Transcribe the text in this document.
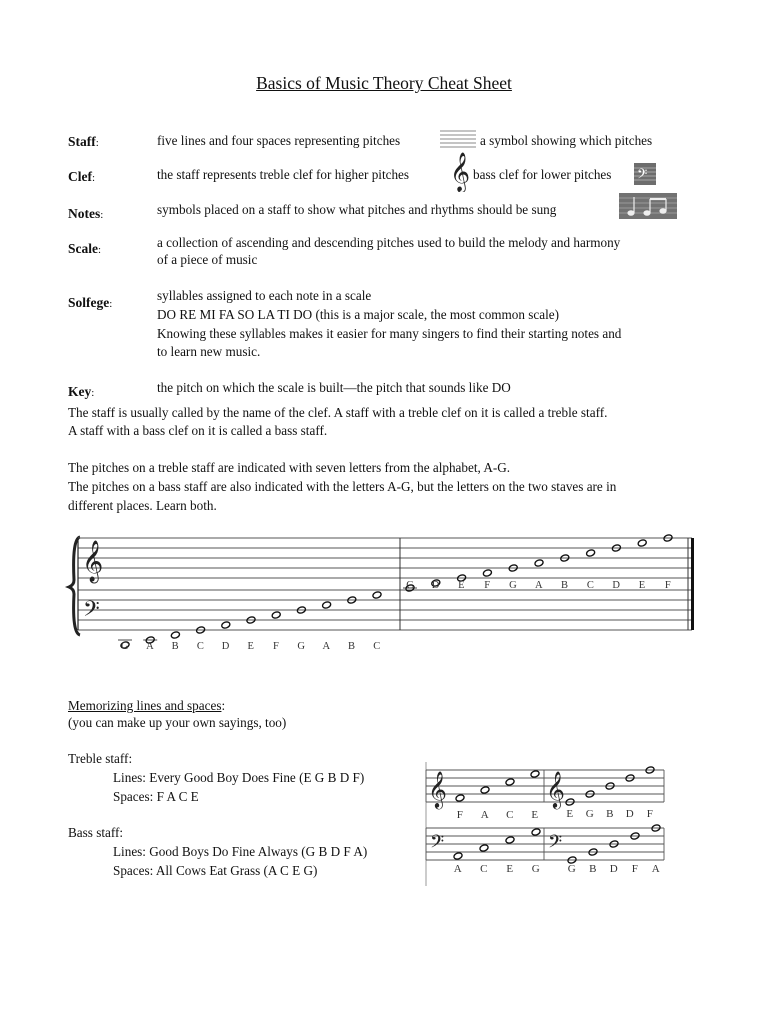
Basics of Music Theory Cheat Sheet
Staff:	five lines and four spaces representing pitches	a symbol showing which pitches
Clef:	the staff represents treble clef for higher pitches 𝄞 bass clef for lower pitches 𝄢
Notes:	symbols placed on a staff to show what pitches and rhythms should be sung
Scale:	a collection of ascending and descending pitches used to build the melody and harmony
of a piece of music
Solfege:
syllables assigned to each note in a scale
DO RE MI FA SO LA TI DO (this is a major scale, the most common scale)
Knowing these syllables makes it easier for many singers to find their starting notes and
to learn new music.
Key:	the pitch on which the scale is built—the pitch that sounds like DO
The staff is usually called by the name of the clef. A staff with a treble clef on it is called a treble staff.
A staff with a bass clef on it is called a bass staff.
The pitches on a treble staff are indicated with seven letters from the alphabet, A-G.
The pitches on a bass staff are also indicated with the letters A-G, but the letters on the two staves are in
different places. Learn both.
𝄞
𝄢
C D E F G A B C D E F
G A B C D E F G A B C
Memorizing lines and spaces:
(you can make up your own sayings, too)
Treble staff:
Lines: Every Good Boy Does Fine (E G B D F)
Spaces: F A C E
Bass staff:
Lines: Good Boys Do Fine Always (G B D F A)
Spaces: All Cows Eat Grass (A C E G)
𝄞	𝄞
𝄢	𝄢
F A C E	E G B D F
A C E G	G B D F A
